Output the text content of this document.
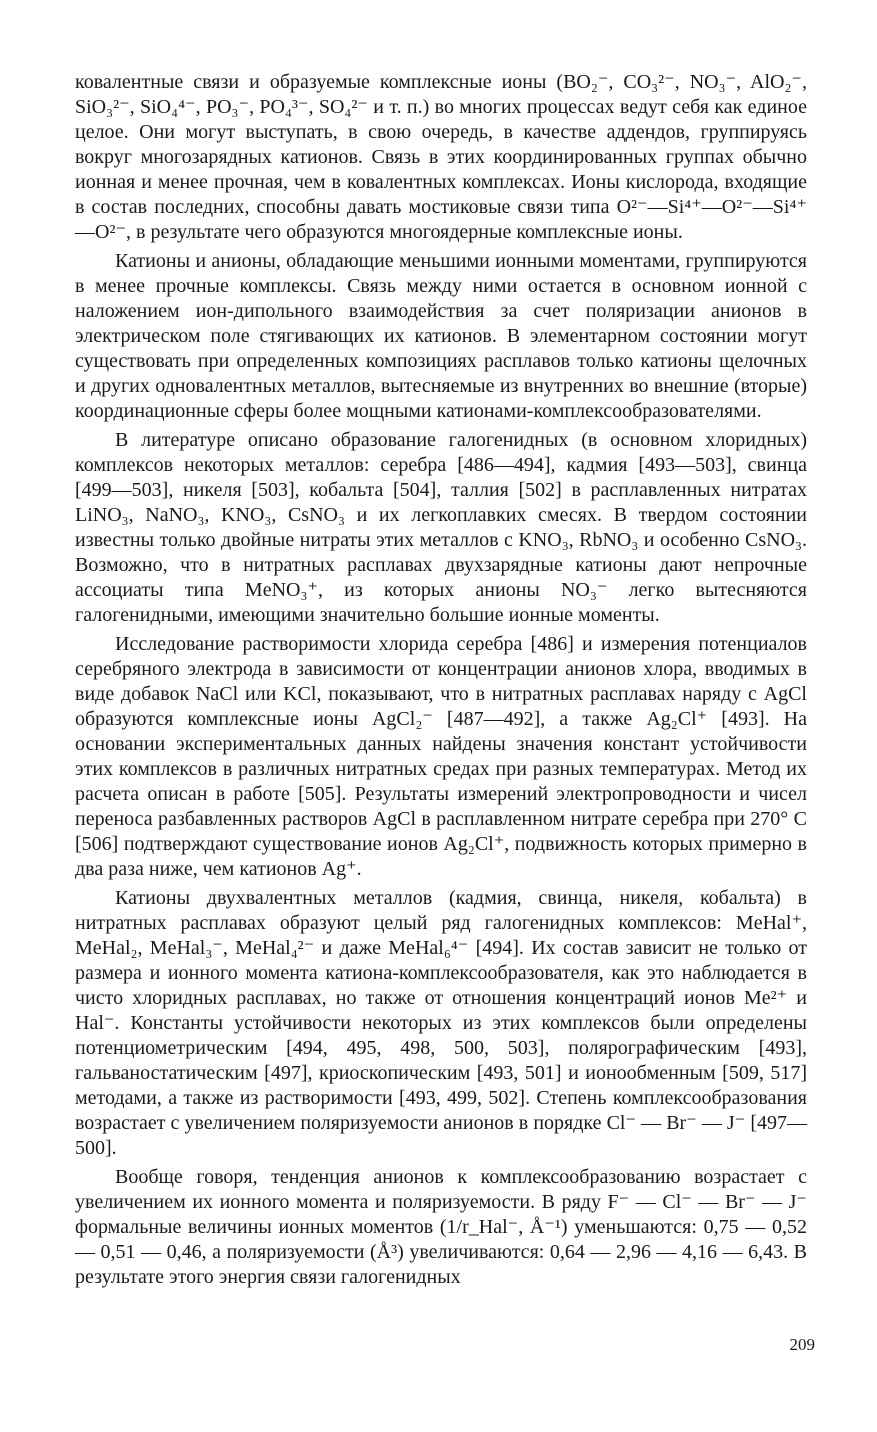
ковалентные связи и образуемые комплексные ионы (BO₂⁻, CO₃²⁻, NO₃⁻, AlO₂⁻, SiO₃²⁻, SiO₄⁴⁻, PO₃⁻, PO₄³⁻, SO₄²⁻ и т. п.) во многих процессах ведут себя как единое целое. Они могут выступать, в свою очередь, в качестве аддендов, группируясь вокруг многозарядных катионов. Связь в этих координированных группах обычно ионная и менее прочная, чем в ковалентных комплексах. Ионы кислорода, входящие в состав последних, способны давать мостиковые связи типа O²⁻—Si⁴⁺—O²⁻—Si⁴⁺—O²⁻, в результате чего образуются многоядерные комплексные ионы.

Катионы и анионы, обладающие меньшими ионными моментами, группируются в менее прочные комплексы. Связь между ними остается в основном ионной с наложением ион-дипольного взаимодействия за счет поляризации анионов в электрическом поле стягивающих их катионов. В элементарном состоянии могут существовать при определенных композициях расплавов только катионы щелочных и других одновалентных металлов, вытесняемые из внутренних во внешние (вторые) координационные сферы более мощными катионами-комплексообразователями.

В литературе описано образование галогенидных (в основном хлоридных) комплексов некоторых металлов: серебра [486—494], кадмия [493—503], свинца [499—503], никеля [503], кобальта [504], таллия [502] в расплавленных нитратах LiNO₃, NaNO₃, KNO₃, CsNO₃ и их легкоплавких смесях. В твердом состоянии известны только двойные нитраты этих металлов с KNO₃, RbNO₃ и особенно CsNO₃. Возможно, что в нитратных расплавах двухзарядные катионы дают непрочные ассоциаты типа MeNO₃⁺, из которых анионы NO₃⁻ легко вытесняются галогенидными, имеющими значительно большие ионные моменты.

Исследование растворимости хлорида серебра [486] и измерения потенциалов серебряного электрода в зависимости от концентрации анионов хлора, вводимых в виде добавок NaCl или KCl, показывают, что в нитратных расплавах наряду с AgCl образуются комплексные ионы AgCl₂⁻ [487—492], а также Ag₂Cl⁺ [493]. На основании экспериментальных данных найдены значения констант устойчивости этих комплексов в различных нитратных средах при разных температурах. Метод их расчета описан в работе [505]. Результаты измерений электропроводности и чисел переноса разбавленных растворов AgCl в расплавленном нитрате серебра при 270° C [506] подтверждают существование ионов Ag₂Cl⁺, подвижность которых примерно в два раза ниже, чем катионов Ag⁺.

Катионы двухвалентных металлов (кадмия, свинца, никеля, кобальта) в нитратных расплавах образуют целый ряд галогенидных комплексов: MeHal⁺, MeHal₂, MeHal₃⁻, MeHal₄²⁻ и даже MeHal₆⁴⁻ [494]. Их состав зависит не только от размера и ионного момента катиона-комплексообразователя, как это наблюдается в чисто хлоридных расплавах, но также от отношения концентраций ионов Me²⁺ и Hal⁻. Константы устойчивости некоторых из этих комплексов были определены потенциометрическим [494, 495, 498, 500, 503], полярографическим [493], гальваностатическим [497], криоскопическим [493, 501] и ионообменным [509, 517] методами, а также из растворимости [493, 499, 502]. Степень комплексообразования возрастает с увеличением поляризуемости анионов в порядке Cl⁻ — Br⁻ — J⁻ [497—500].

Вообще говоря, тенденция анионов к комплексообразованию возрастает с увеличением их ионного момента и поляризуемости. В ряду F⁻ — Cl⁻ — Br⁻ — J⁻ формальные величины ионных моментов (1/r_Hal⁻, Å⁻¹) уменьшаются: 0,75 — 0,52 — 0,51 — 0,46, а поляризуемости (Å³) увеличиваются: 0,64 — 2,96 — 4,16 — 6,43. В результате этого энергия связи галогенидных

209
